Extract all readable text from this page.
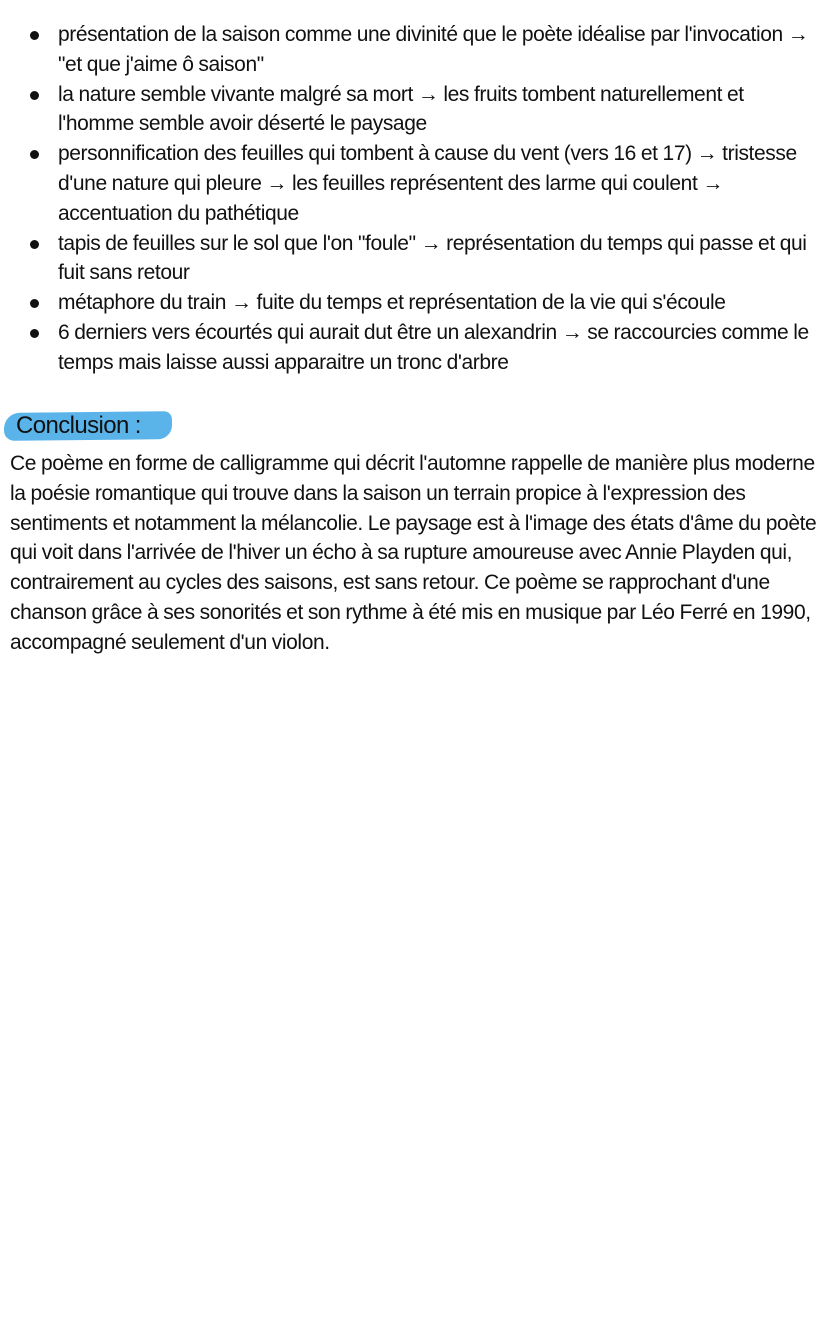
présentation de la saison comme une divinité que le poète idéalise par l'invocation → "et que j'aime ô saison"
la nature semble vivante malgré sa mort → les fruits tombent naturellement et l'homme semble avoir déserté le paysage
personnification des feuilles qui tombent à cause du vent (vers 16 et 17) → tristesse d'une nature qui pleure → les feuilles représentent des larme qui coulent → accentuation du pathétique
tapis de feuilles sur le sol que l'on "foule" → représentation du temps qui passe et qui fuit sans retour
métaphore du train → fuite du temps et représentation de la vie qui s'écoule
6 derniers vers écourtés qui aurait dut être un alexandrin → se raccourcies comme le temps mais laisse aussi apparaitre un tronc d'arbre
Conclusion :

Ce poème en forme de calligramme qui décrit l'automne rappelle de manière plus moderne la poésie romantique qui trouve dans la saison un terrain propice à l'expression des sentiments et notamment la mélancolie. Le paysage est à l'image des états d'âme du poète qui voit dans l'arrivée de l'hiver un écho à sa rupture amoureuse avec Annie Playden qui, contrairement au cycles des saisons, est sans retour. Ce poème se rapprochant d'une chanson grâce à ses sonorités et son rythme à été mis en musique par Léo Ferré en 1990, accompagné seulement d'un violon.
